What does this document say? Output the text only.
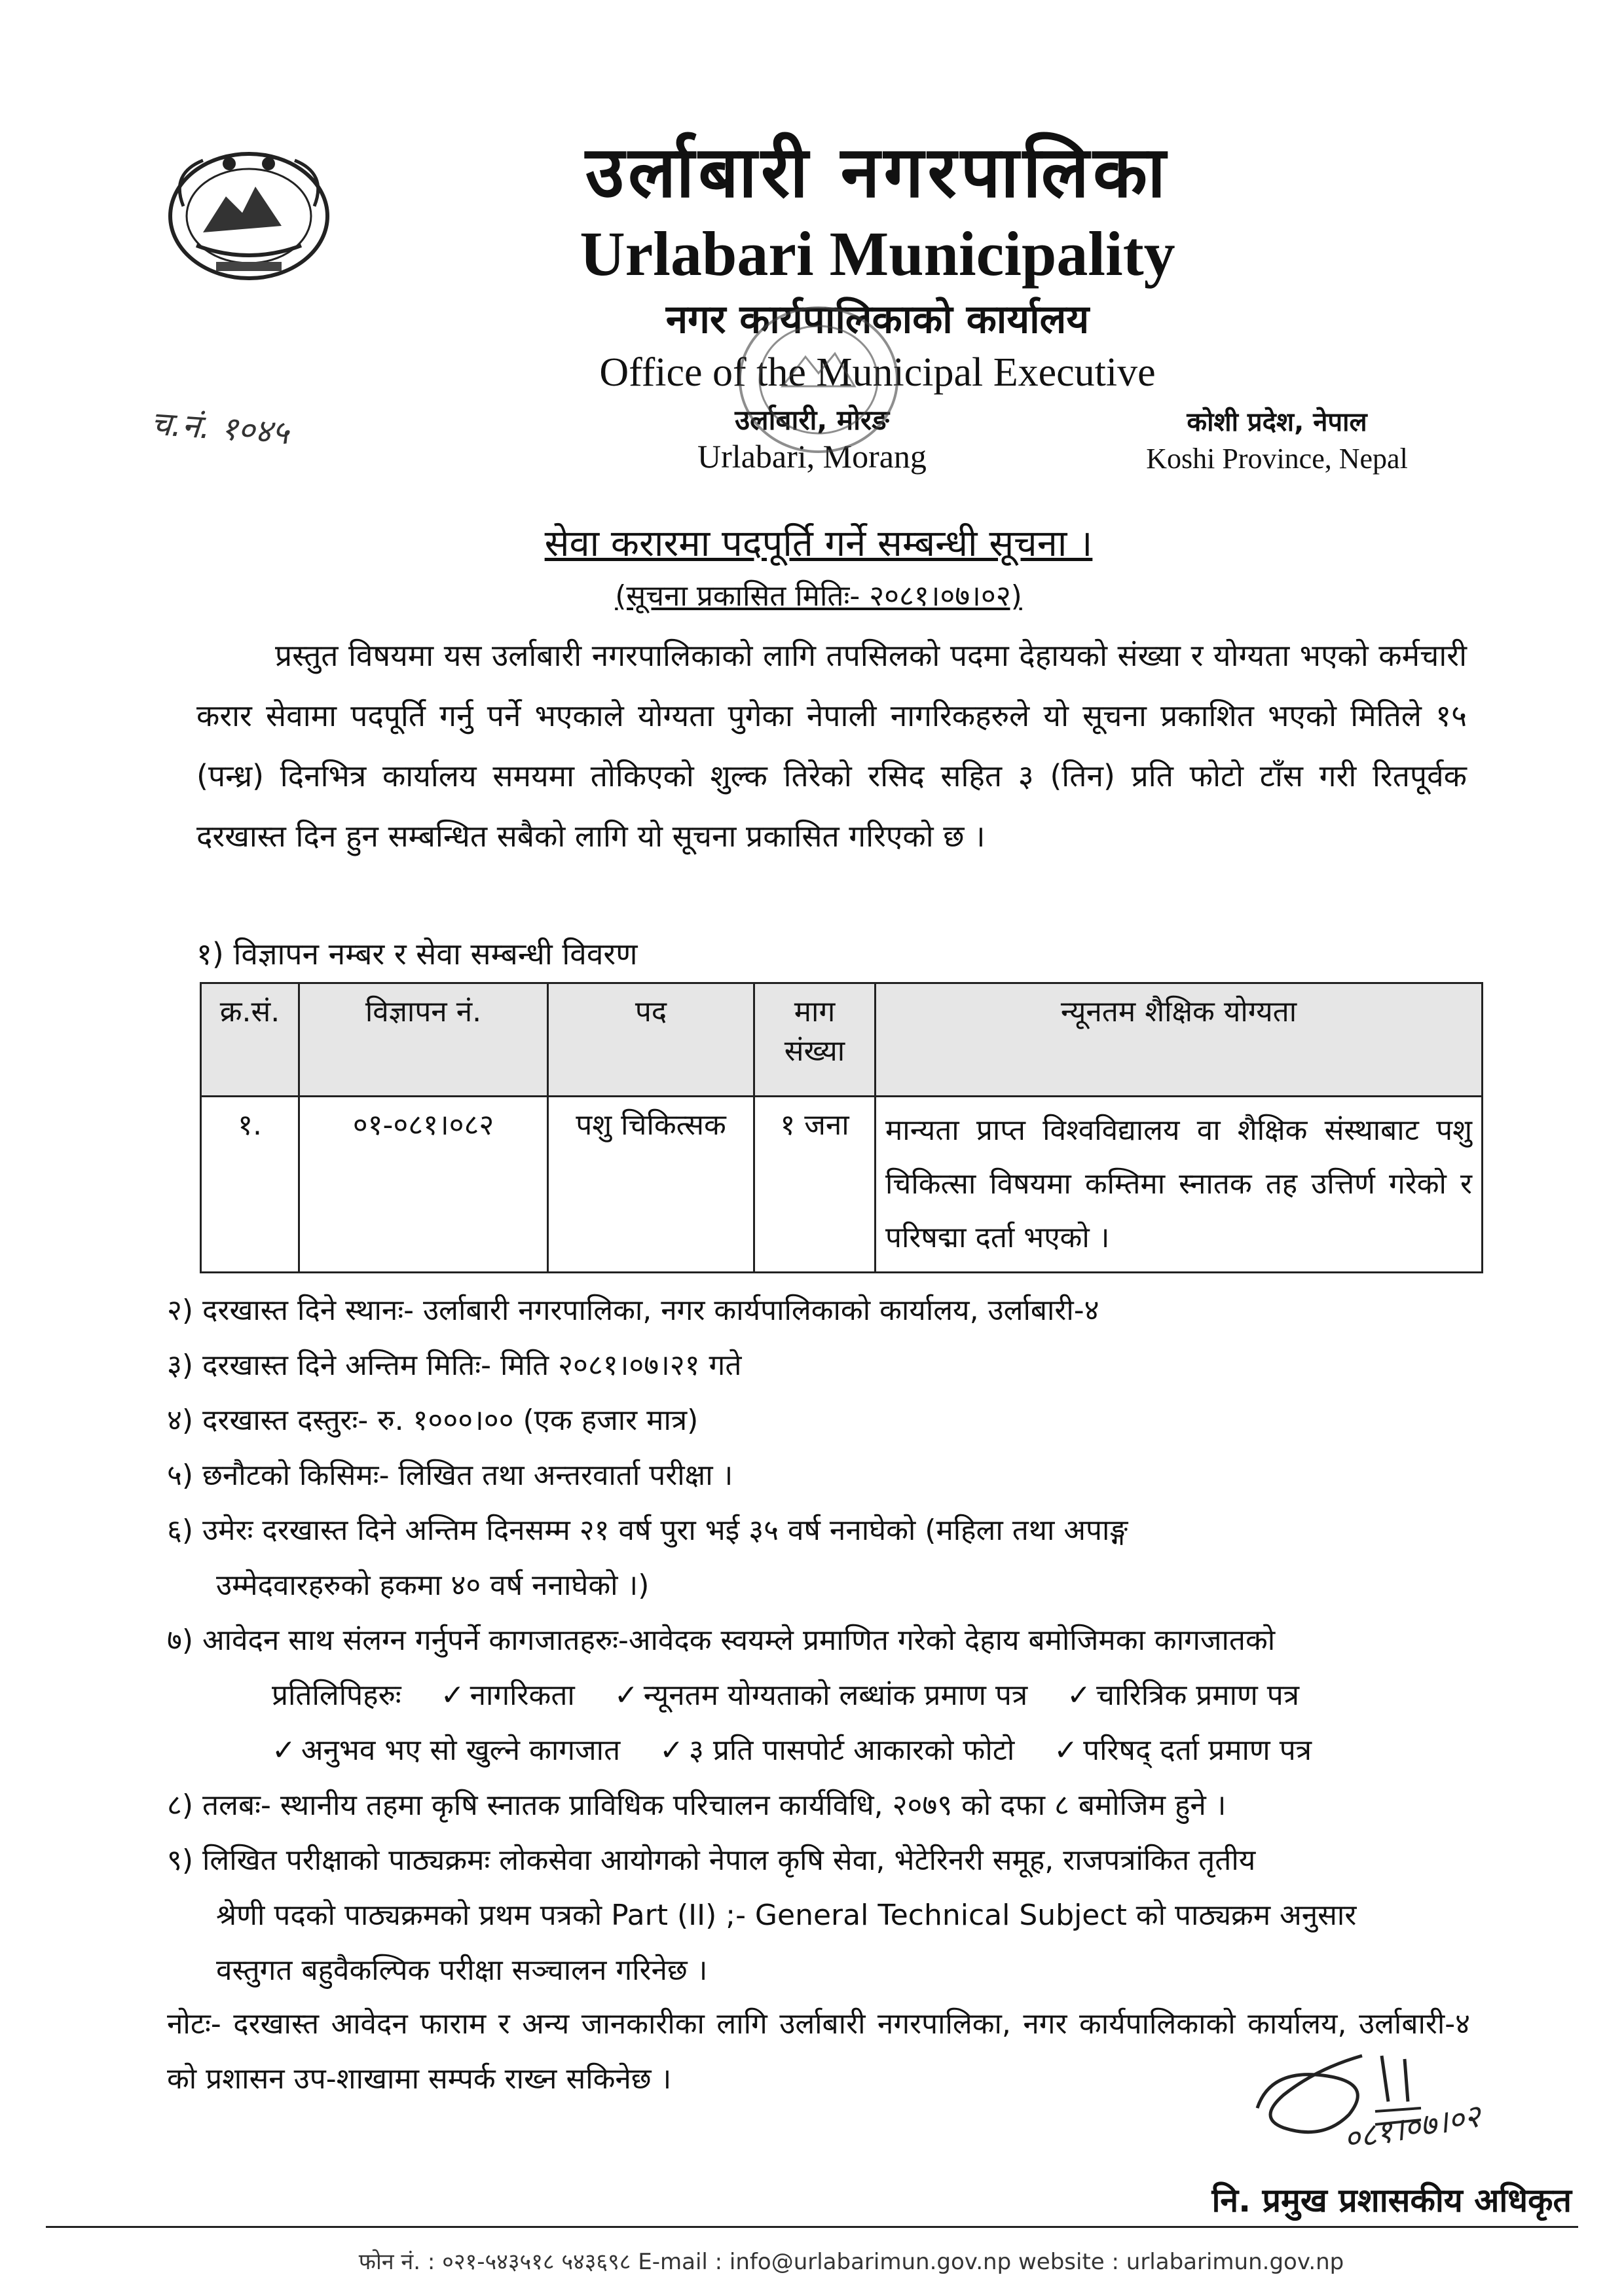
उर्लाबारी नगरपालिका
Urlabari Municipality
नगर कार्यपालिकाको कार्यालय
Office of the Municipal Executive
उर्लाबारी, मोरङ
Urlabari, Morang
कोशी प्रदेश, नेपाल
Koshi Province, Nepal
च.नं. १०४५
सेवा करारमा पदपूर्ति गर्ने सम्बन्धी सूचना ।
(सूचना प्रकासित मितिः- २०८१।०७।०२)
प्रस्तुत विषयमा यस उर्लाबारी नगरपालिकाको लागि तपसिलको पदमा देहायको संख्या र योग्यता भएको कर्मचारी करार सेवामा पदपूर्ति गर्नु पर्ने भएकाले योग्यता पुगेका नेपाली नागरिकहरुले यो सूचना प्रकाशित भएको मितिले १५ (पन्ध्र) दिनभित्र कार्यालय समयमा तोकिएको शुल्क तिरेको रसिद सहित ३ (तिन) प्रति फोटो टाँस गरी रितपूर्वक दरखास्त दिन हुन सम्बन्धित सबैको लागि यो सूचना प्रकासित गरिएको छ ।
१) विज्ञापन नम्बर र सेवा सम्बन्धी विवरण
क्र.सं.	विज्ञापन नं.	पद	माग संख्या	न्यूनतम शैक्षिक योग्यता
१.	०१-०८१।०८२	पशु चिकित्सक	१ जना	मान्यता प्राप्त विश्वविद्यालय वा शैक्षिक संस्थाबाट पशु चिकित्सा विषयमा कम्तिमा स्नातक तह उत्तिर्ण गरेको र परिषद्मा दर्ता भएको ।
२) दरखास्त दिने स्थानः- उर्लाबारी नगरपालिका, नगर कार्यपालिकाको कार्यालय, उर्लाबारी-४
३) दरखास्त दिने अन्तिम मितिः- मिति २०८१।०७।२१ गते
४) दरखास्त दस्तुरः- रु. १०००।०० (एक हजार मात्र)
५) छनौटको किसिमः- लिखित तथा अन्तरवार्ता परीक्षा ।
६) उमेरः दरखास्त दिने अन्तिम दिनसम्म २१ वर्ष पुरा भई ३५ वर्ष ननाघेको (महिला तथा अपाङ्ग
उम्मेदवारहरुको हकमा ४० वर्ष ननाघेको ।)
७) आवेदन साथ संलग्न गर्नुपर्ने कागजातहरुः-आवेदक स्वयम्ले प्रमाणित गरेको देहाय बमोजिमका कागजातको
प्रतिलिपिहरुः ✓ नागरिकता ✓ न्यूनतम योग्यताको लब्धांक प्रमाण पत्र ✓ चारित्रिक प्रमाण पत्र
✓ अनुभव भए सो खुल्ने कागजात ✓ ३ प्रति पासपोर्ट आकारको फोटो ✓ परिषद् दर्ता प्रमाण पत्र
८) तलबः- स्थानीय तहमा कृषि स्नातक प्राविधिक परिचालन कार्यविधि, २०७९ को दफा ८ बमोजिम हुने ।
९) लिखित परीक्षाको पाठ्यक्रमः लोकसेवा आयोगको नेपाल कृषि सेवा, भेटेरिनरी समूह, राजपत्रांकित तृतीय
श्रेणी पदको पाठ्यक्रमको प्रथम पत्रको Part (II) ;- General Technical Subject को पाठ्यक्रम अनुसार
वस्तुगत बहुवैकल्पिक परीक्षा सञ्चालन गरिनेछ ।
नोटः- दरखास्त आवेदन फाराम र अन्य जानकारीका लागि उर्लाबारी नगरपालिका, नगर कार्यपालिकाको कार्यालय, उर्लाबारी-४ को प्रशासन उप-शाखामा सम्पर्क राख्न सकिनेछ ।
०८१।०७।०२
नि. प्रमुख प्रशासकीय अधिकृत
फोन नं. : ०२१-५४३५१८ ५४३६९८ E-mail : info@urlabarimun.gov.np website : urlabarimun.gov.np
